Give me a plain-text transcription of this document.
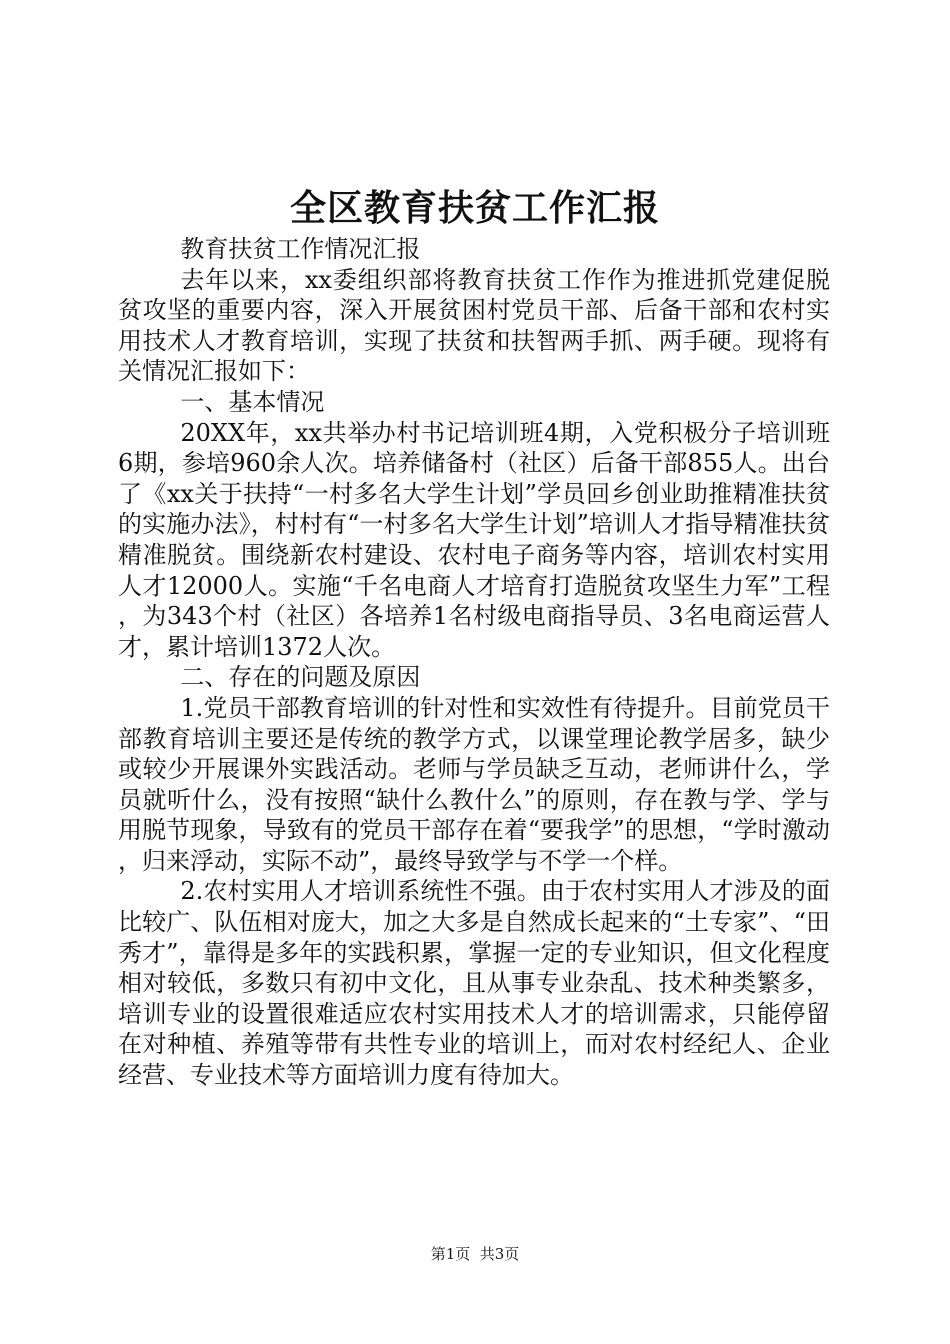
全区教育扶贫工作汇报

教育扶贫工作情况汇报

去年以来，xx委组织部将教育扶贫工作作为推进抓党建促脱贫攻坚的重要内容，深入开展贫困村党员干部、后备干部和农村实用技术人才教育培训，实现了扶贫和扶智两手抓、两手硬。现将有关情况汇报如下：

一、基本情况

20XX年，xx共举办村书记培训班4期，入党积极分子培训班6期，参培960余人次。培养储备村（社区）后备干部855人。出台了《xx关于扶持“一村多名大学生计划”学员回乡创业助推精准扶贫的实施办法》，村村有“一村多名大学生计划”培训人才指导精准扶贫精准脱贫。围绕新农村建设、农村电子商务等内容，培训农村实用人才12000人。实施“千名电商人才培育打造脱贫攻坚生力军”工程，为343个村（社区）各培养1名村级电商指导员、3名电商运营人才，累计培训1372人次。

二、存在的问题及原因

1.党员干部教育培训的针对性和实效性有待提升。目前党员干部教育培训主要还是传统的教学方式，以课堂理论教学居多，缺少或较少开展课外实践活动。老师与学员缺乏互动，老师讲什么，学员就听什么，没有按照“缺什么教什么”的原则，存在教与学、学与用脱节现象，导致有的党员干部存在着“要我学”的思想，“学时激动，归来浮动，实际不动”，最终导致学与不学一个样。

2.农村实用人才培训系统性不强。由于农村实用人才涉及的面比较广、队伍相对庞大，加之大多是自然成长起来的“土专家”、“田秀才”，靠得是多年的实践积累，掌握一定的专业知识，但文化程度相对较低，多数只有初中文化，且从事专业杂乱、技术种类繁多，培训专业的设置很难适应农村实用技术人才的培训需求，只能停留在对种植、养殖等带有共性专业的培训上，而对农村经纪人、企业经营、专业技术等方面培训力度有待加大。

第1页  共3页
